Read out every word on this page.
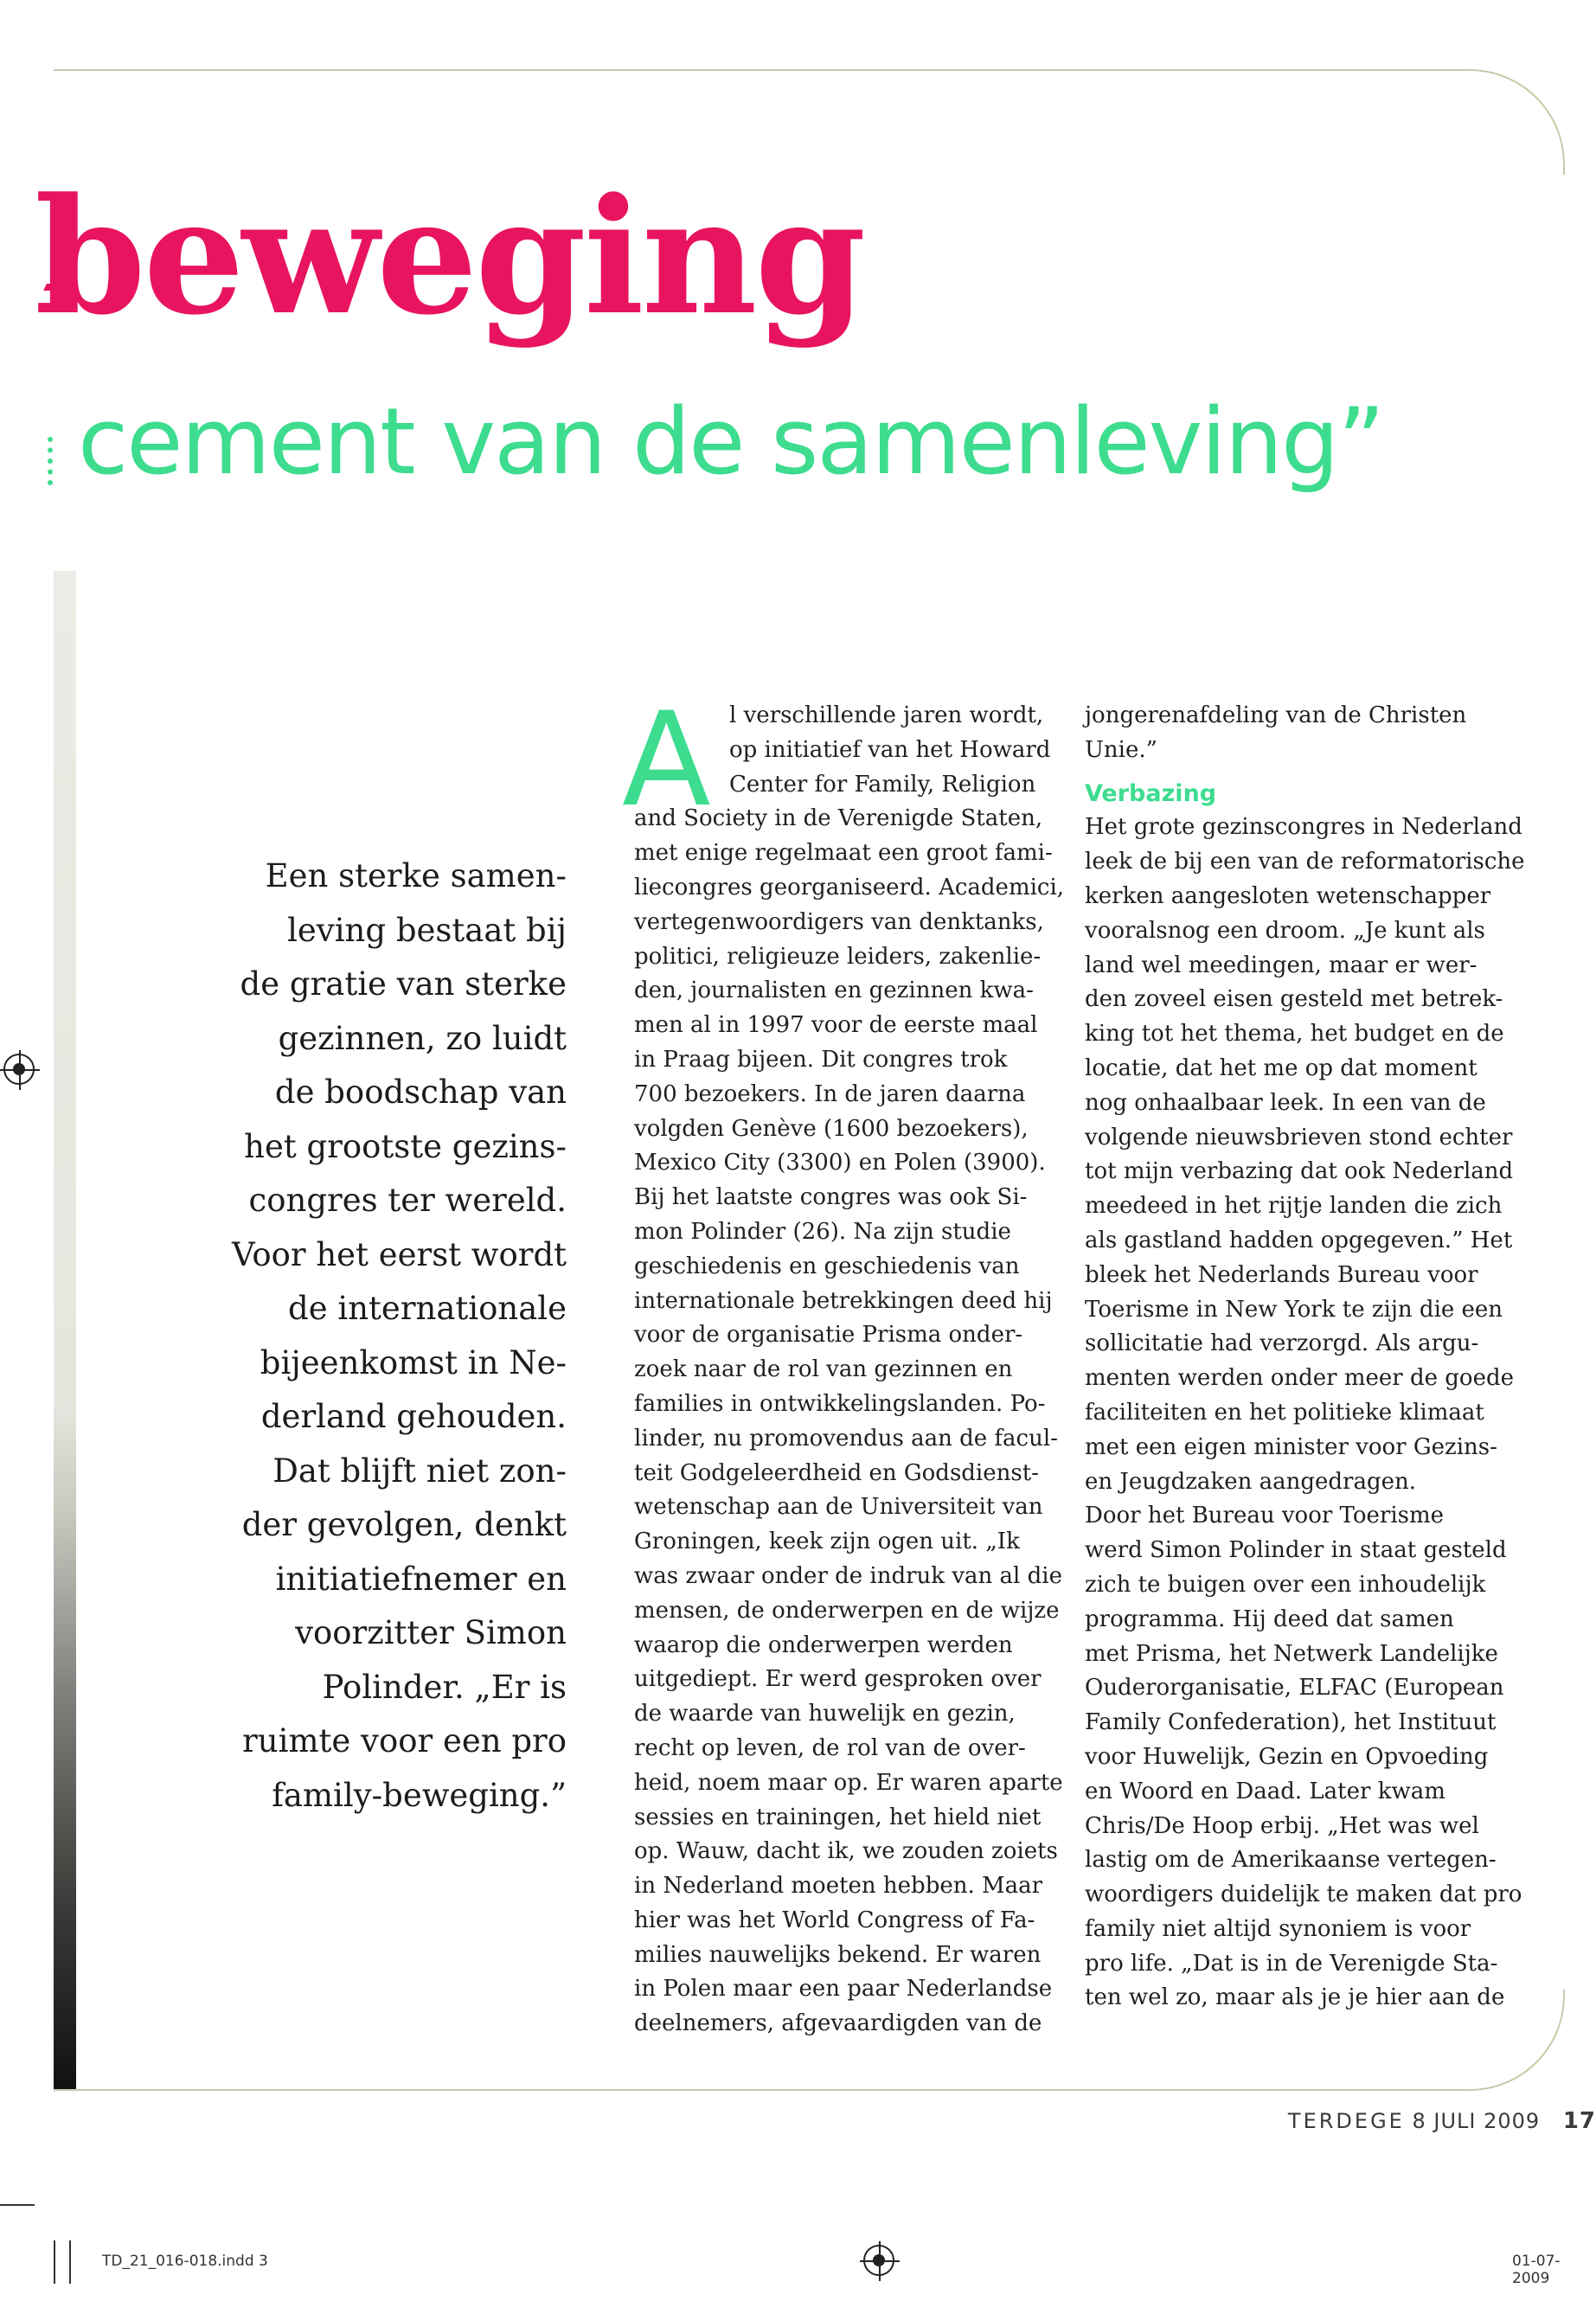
beweging
cement van de samenleving”

Een sterke samen-
leving bestaat bij
de gratie van sterke
gezinnen, zo luidt
de boodschap van
het grootste gezins-
congres ter wereld.
Voor het eerst wordt
de internationale
bijeenkomst in Ne-
derland gehouden.
Dat blijft niet zon-
der gevolgen, denkt
initiatiefnemer en
voorzitter Simon
Polinder. „Er is
ruimte voor een pro
family-beweging.”

A l verschillende jaren wordt,
op initiatief van het Howard
Center for Family, Religion
and Society in de Verenigde Staten,
met enige regelmaat een groot fami-
liecongres georganiseerd. Academici,
vertegenwoordigers van denktanks,
politici, religieuze leiders, zakenlie-
den, journalisten en gezinnen kwa-
men al in 1997 voor de eerste maal
in Praag bijeen. Dit congres trok
700 bezoekers. In de jaren daarna
volgden Genève (1600 bezoekers),
Mexico City (3300) en Polen (3900).
Bij het laatste congres was ook Si-
mon Polinder (26). Na zijn studie
geschiedenis en geschiedenis van
internationale betrekkingen deed hij
voor de organisatie Prisma onder-
zoek naar de rol van gezinnen en
families in ontwikkelingslanden. Po-
linder, nu promovendus aan de facul-
teit Godgeleerdheid en Godsdienst-
wetenschap aan de Universiteit van
Groningen, keek zijn ogen uit. „Ik
was zwaar onder de indruk van al die
mensen, de onderwerpen en de wijze
waarop die onderwerpen werden
uitgediept. Er werd gesproken over
de waarde van huwelijk en gezin,
recht op leven, de rol van de over-
heid, noem maar op. Er waren aparte
sessies en trainingen, het hield niet
op. Wauw, dacht ik, we zouden zoiets
in Nederland moeten hebben. Maar
hier was het World Congress of Fa-
milies nauwelijks bekend. Er waren
in Polen maar een paar Nederlandse
deelnemers, afgevaardigden van de
jongerenafdeling van de Christen
Unie.”
Verbazing
Het grote gezinscongres in Nederland
leek de bij een van de reformatorische
kerken aangesloten wetenschapper
vooralsnog een droom. „Je kunt als
land wel meedingen, maar er wer-
den zoveel eisen gesteld met betrek-
king tot het thema, het budget en de
locatie, dat het me op dat moment
nog onhaalbaar leek. In een van de
volgende nieuwsbrieven stond echter
tot mijn verbazing dat ook Nederland
meedeed in het rijtje landen die zich
als gastland hadden opgegeven.” Het
bleek het Nederlands Bureau voor
Toerisme in New York te zijn die een
sollicitatie had verzorgd. Als argu-
menten werden onder meer de goede
faciliteiten en het politieke klimaat
met een eigen minister voor Gezins-
en Jeugdzaken aangedragen.
Door het Bureau voor Toerisme
werd Simon Polinder in staat gesteld
zich te buigen over een inhoudelijk
programma. Hij deed dat samen
met Prisma, het Netwerk Landelijke
Ouderorganisatie, ELFAC (European
Family Confederation), het Instituut
voor Huwelijk, Gezin en Opvoeding
en Woord en Daad. Later kwam
Chris/De Hoop erbij. „Het was wel
lastig om de Amerikaanse vertegen-
woordigers duidelijk te maken dat pro
family niet altijd synoniem is voor
pro life. „Dat is in de Verenigde Sta-
ten wel zo, maar als je je hier aan de
TERDEGE 8 JULI 2009 17
TD_21_016-018.indd 3	01-07-2009
